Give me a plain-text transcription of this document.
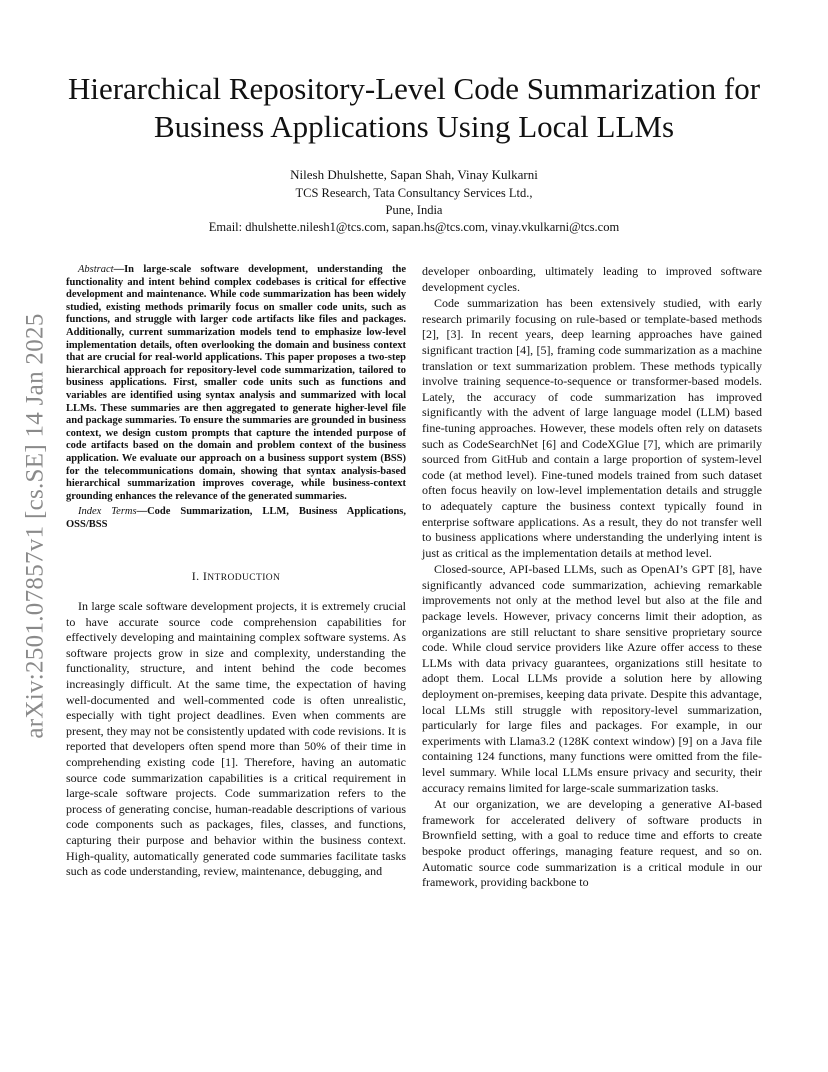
arXiv:2501.07857v1 [cs.SE] 14 Jan 2025
Hierarchical Repository-Level Code Summarization for Business Applications Using Local LLMs
Nilesh Dhulshette, Sapan Shah, Vinay Kulkarni
TCS Research, Tata Consultancy Services Ltd.,
Pune, India
Email: dhulshette.nilesh1@tcs.com, sapan.hs@tcs.com, vinay.vkulkarni@tcs.com
Abstract—In large-scale software development, understanding the functionality and intent behind complex codebases is critical for effective development and maintenance. While code summarization has been widely studied, existing methods primarily focus on smaller code units, such as functions, and struggle with larger code artifacts like files and packages. Additionally, current summarization models tend to emphasize low-level implementation details, often overlooking the domain and business context that are crucial for real-world applications. This paper proposes a two-step hierarchical approach for repository-level code summarization, tailored to business applications. First, smaller code units such as functions and variables are identified using syntax analysis and summarized with local LLMs. These summaries are then aggregated to generate higher-level file and package summaries. To ensure the summaries are grounded in business context, we design custom prompts that capture the intended purpose of code artifacts based on the domain and problem context of the business application. We evaluate our approach on a business support system (BSS) for the telecommunications domain, showing that syntax analysis-based hierarchical summarization improves coverage, while business-context grounding enhances the relevance of the generated summaries.
Index Terms—Code Summarization, LLM, Business Applications, OSS/BSS
I. INTRODUCTION

In large scale software development projects, it is extremely crucial to have accurate source code comprehension capabilities for effectively developing and maintaining complex software systems. As software projects grow in size and complexity, understanding the functionality, structure, and intent behind the code becomes increasingly difficult. At the same time, the expectation of having well-documented and well-commented code is often unrealistic, especially with tight project deadlines. Even when comments are present, they may not be consistently updated with code revisions. It is reported that developers often spend more than 50% of their time in comprehending existing code [1]. Therefore, having an automatic source code summarization capabilities is a critical requirement in large-scale software projects. Code summarization refers to the process of generating concise, human-readable descriptions of various code components such as packages, files, classes, and functions, capturing their purpose and behavior within the business context. High-quality, automatically generated code summaries facilitate tasks such as code understanding, review, maintenance, debugging, and

developer onboarding, ultimately leading to improved software development cycles.

Code summarization has been extensively studied, with early research primarily focusing on rule-based or template-based methods [2], [3]. In recent years, deep learning approaches have gained significant traction [4], [5], framing code summarization as a machine translation or text summarization problem. These methods typically involve training sequence-to-sequence or transformer-based models. Lately, the accuracy of code summarization has improved significantly with the advent of large language model (LLM) based fine-tuning approaches. However, these models often rely on datasets such as CodeSearchNet [6] and CodeXGlue [7], which are primarily sourced from GitHub and contain a large proportion of system-level code (at method level). Fine-tuned models trained from such dataset often focus heavily on low-level implementation details and struggle to adequately capture the business context typically found in enterprise software applications. As a result, they do not transfer well to business applications where understanding the underlying intent is just as critical as the implementation details at method level.

Closed-source, API-based LLMs, such as OpenAI’s GPT [8], have significantly advanced code summarization, achieving remarkable improvements not only at the method level but also at the file and package levels. However, privacy concerns limit their adoption, as organizations are still reluctant to share sensitive proprietary source code. While cloud service providers like Azure offer access to these LLMs with data privacy guarantees, organizations still hesitate to adopt them. Local LLMs provide a solution here by allowing deployment on-premises, keeping data private. Despite this advantage, local LLMs still struggle with repository-level summarization, particularly for large files and packages. For example, in our experiments with Llama3.2 (128K context window) [9] on a Java file containing 124 functions, many functions were omitted from the file-level summary. While local LLMs ensure privacy and security, their accuracy remains limited for large-scale summarization tasks.

At our organization, we are developing a generative AI-based framework for accelerated delivery of software products in Brownfield setting, with a goal to reduce time and efforts to create bespoke product offerings, managing feature request, and so on. Automatic source code summarization is a critical module in our framework, providing backbone to
